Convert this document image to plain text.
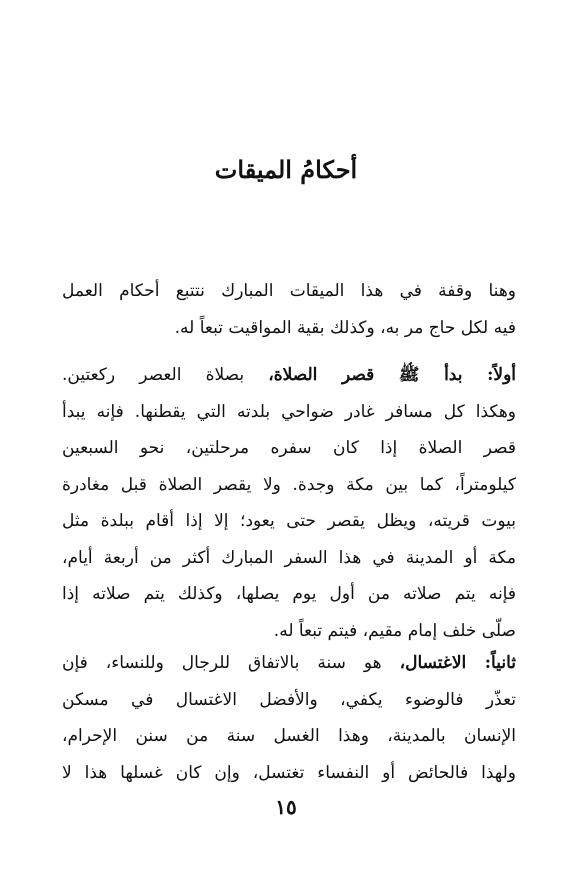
أحكامُ الميقات
وهنا وقفة في هذا الميقات المبارك نتتبع أحكام العمل
فيه لكل حاج مر به، وكذلك بقية المواقيت تبعاً له.
أولاً: بدأ ﷺ قصر الصلاة، بصلاة العصر ركعتين.
وهكذا كل مسافر غادر ضواحي بلدته التي يقطنها. فإنه يبدأ
قصر الصلاة إذا كان سفره مرحلتين، نحو السبعين
كيلومتراً، كما بين مكة وجدة. ولا يقصر الصلاة قبل مغادرة
بيوت قريته، ويظل يقصر حتى يعود؛ إلا إذا أقام ببلدة مثل
مكة أو المدينة في هذا السفر المبارك أكثر من أربعة أيام،
فإنه يتم صلاته من أول يوم يصلها، وكذلك يتم صلاته إذا
صلّى خلف إمام مقيم، فيتم تبعاً له.
ثانياً: الاغتسال، هو سنة بالاتفاق للرجال وللنساء، فإن
تعذّر فالوضوء يكفي، والأفضل الاغتسال في مسكن
الإنسان بالمدينة، وهذا الغسل سنة من سنن الإحرام،
ولهذا فالحائض أو النفساء تغتسل، وإن كان غسلها هذا لا
١٥
